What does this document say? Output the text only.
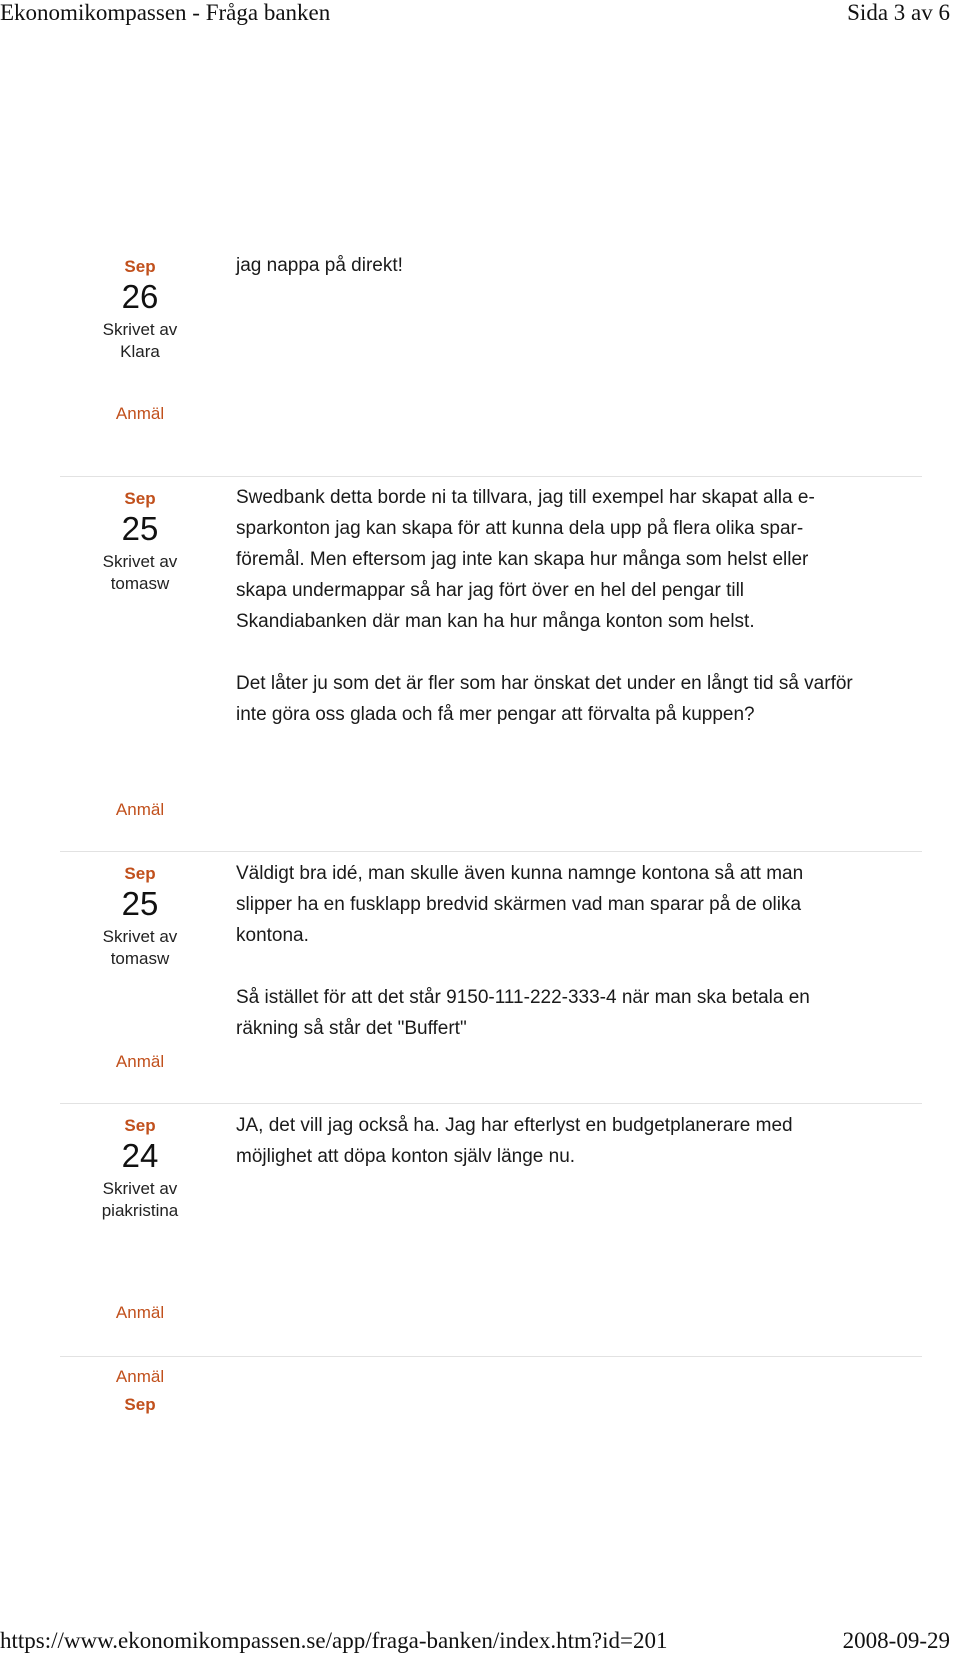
Ekonomikompassen - Fråga banken	Sida 3 av 6
Sep
26
Skrivet av
Klara
Anmäl

jag nappa på direkt!

Sep
25
Skrivet av
tomasw
Anmäl

Swedbank detta borde ni ta tillvara, jag till exempel har skapat alla e-sparkonton jag kan skapa för att kunna dela upp på flera olika spar-föremål. Men eftersom jag inte kan skapa hur många som helst eller skapa undermappar så har jag fört över en hel del pengar till Skandiabanken där man kan ha hur många konton som helst.

Det låter ju som det är fler som har önskat det under en långt tid så varför inte göra oss glada och få mer pengar att förvalta på kuppen?

Sep
25
Skrivet av
tomasw
Anmäl

Väldigt bra idé, man skulle även kunna namnge kontona så att man slipper ha en fusklapp bredvid skärmen vad man sparar på de olika kontona.

Så istället för att det står 9150-111-222-333-4 när man ska betala en räkning så står det "Buffert"

Sep
24
Skrivet av
piakristina
Anmäl

JA, det vill jag också ha. Jag har efterlyst en budgetplanerare med möjlighet att döpa konton själv länge nu.

Anmäl
Sep
https://www.ekonomikompassen.se/app/fraga-banken/index.htm?id=201	2008-09-29
